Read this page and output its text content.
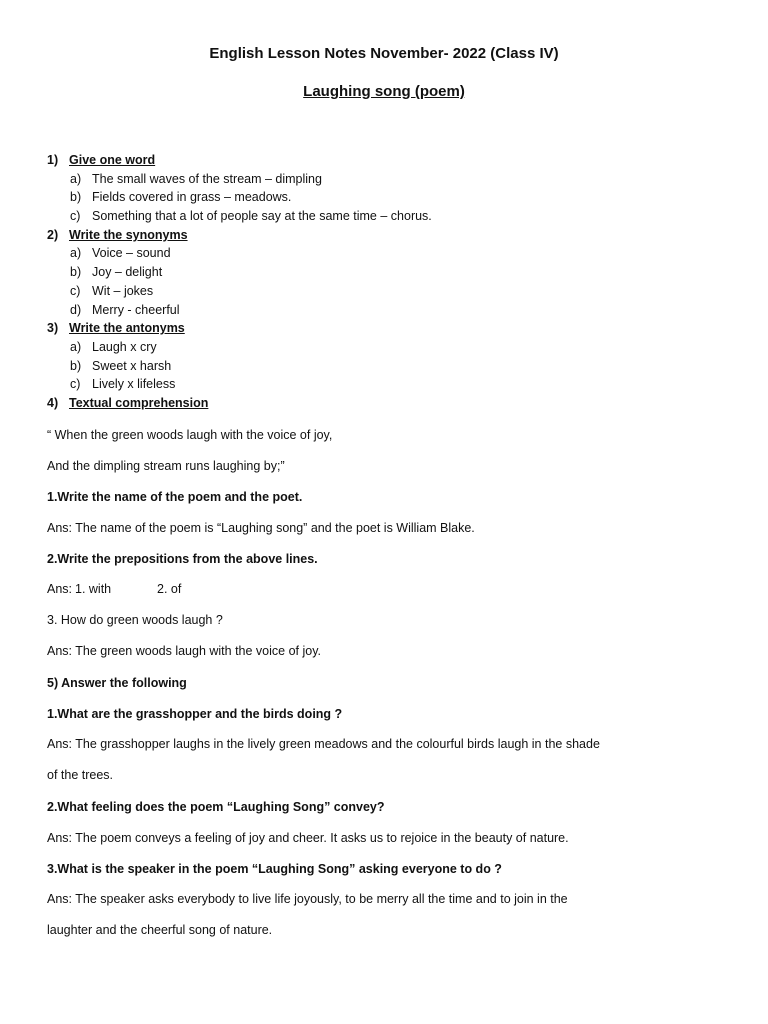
English Lesson Notes November- 2022 (Class IV)
Laughing song (poem)
1) Give one word
a) The small waves of the stream – dimpling
b) Fields covered in grass – meadows.
c) Something that a lot of people say at the same time – chorus.
2) Write the synonyms
a) Voice – sound
b) Joy – delight
c) Wit – jokes
d) Merry - cheerful
3) Write the antonyms
a) Laugh x cry
b) Sweet x harsh
c) Lively x lifeless
4) Textual comprehension
“ When the green woods laugh with the voice of joy,
And the dimpling stream runs laughing by;”
1.Write the name of the poem and the poet.
Ans: The name of the poem is “Laughing song” and the poet is William Blake.
2.Write the prepositions from the above lines.
Ans: 1. with	2. of
3. How do green woods laugh ?
Ans: The green woods laugh with the voice of joy.
5) Answer the following
1.What are the grasshopper and the birds doing ?
Ans: The grasshopper laughs in the lively green meadows and the colourful birds laugh in the shade
of the trees.
2.What feeling does the poem “Laughing Song” convey?
Ans: The poem conveys a feeling of joy and cheer. It asks us to rejoice in the beauty of nature.
3.What is the speaker in the poem “Laughing Song” asking everyone to do ?
Ans: The speaker asks everybody to live life joyously, to be merry all the time and to join in the
laughter and the cheerful song of nature.
